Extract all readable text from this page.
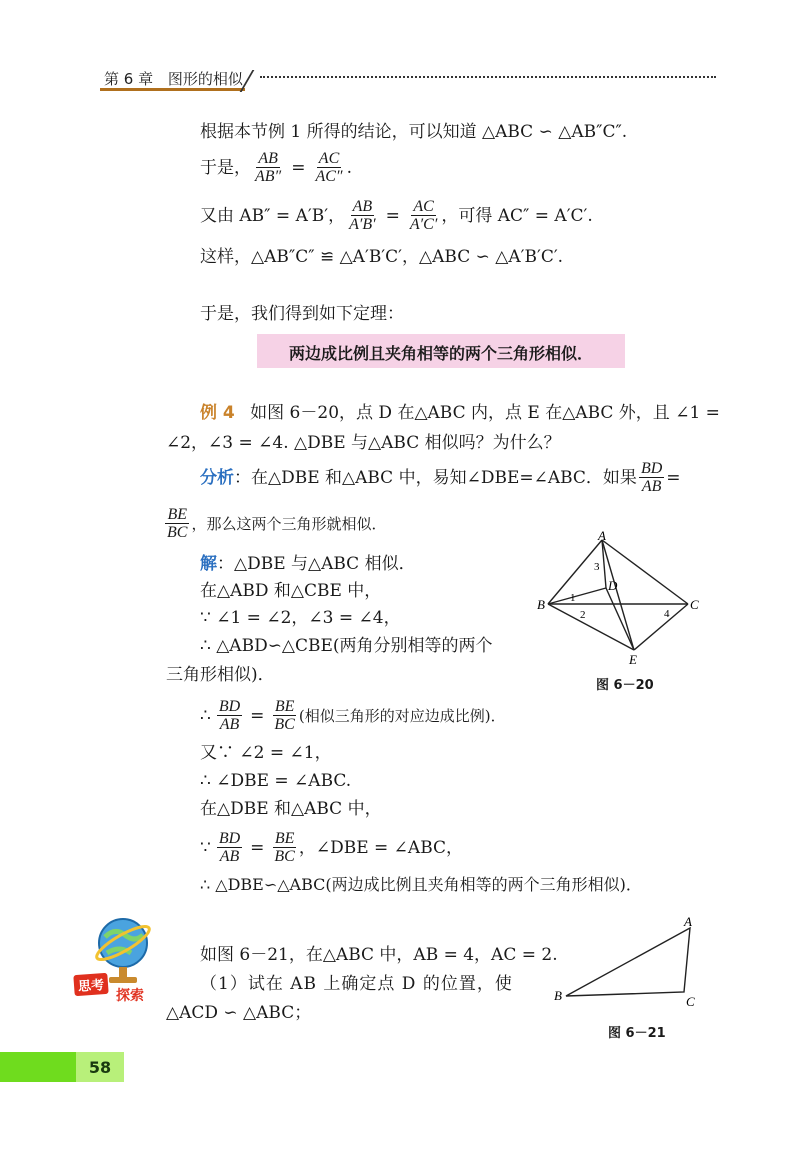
第 6 章 图形的相似
根据本节例 1 所得的结论，可以知道 △ABC ∽ △AB″C″.
于是， $\frac{AB}{AB''} = \frac{AC}{AC''}$ .
又由 AB″ = A′B′， $\frac{AB}{A'B'} = \frac{AC}{A'C'}$ ，可得 AC″ = A′C′.
这样，△AB″C″ ≌ △A′B′C′，△ABC ∽ △A′B′C′.
于是，我们得到如下定理：
两边成比例且夹角相等的两个三角形相似．
例 4 如图 6－20，点 D 在△ABC 内，点 E 在△ABC 外，且 ∠1 =
∠2，∠3 = ∠4. △DBE 与△ABC 相似吗？为什么？
分析 ：在△DBE 和△ABC 中，易知∠DBE=∠ABC．如果 $\frac{BD}{AB}$ =
$\frac{BE}{BC}$ ，那么这两个三角形就相似．
解：△DBE 与△ABC 相似．
在△ABD 和△CBE 中，
∵ ∠1 = ∠2，∠3 = ∠4，
∴ △ABD∽△CBE(两角分别相等的两个
三角形相似)．
∴ $\frac{BD}{AB} = \frac{BE}{BC}$ (相似三角形的对应边成比例)．
又∵ ∠2 = ∠1，
∴ ∠DBE = ∠ABC.
在△DBE 和△ABC 中，
∵ $\frac{BD}{AB} = \frac{BE}{BC}$ ，∠DBE = ∠ABC，
∴ △DBE∽△ABC(两边成比例且夹角相等的两个三角形相似)．
A
B	C
D
E
1
2
3
4
图 6－20
思考
探索
如图 6－21，在△ABC 中，AB = 4，AC = 2.
（1）试在 AB 上确定点 D 的位置，使
△ACD ∽ △ABC；
A
B	C
图 6－21
58
